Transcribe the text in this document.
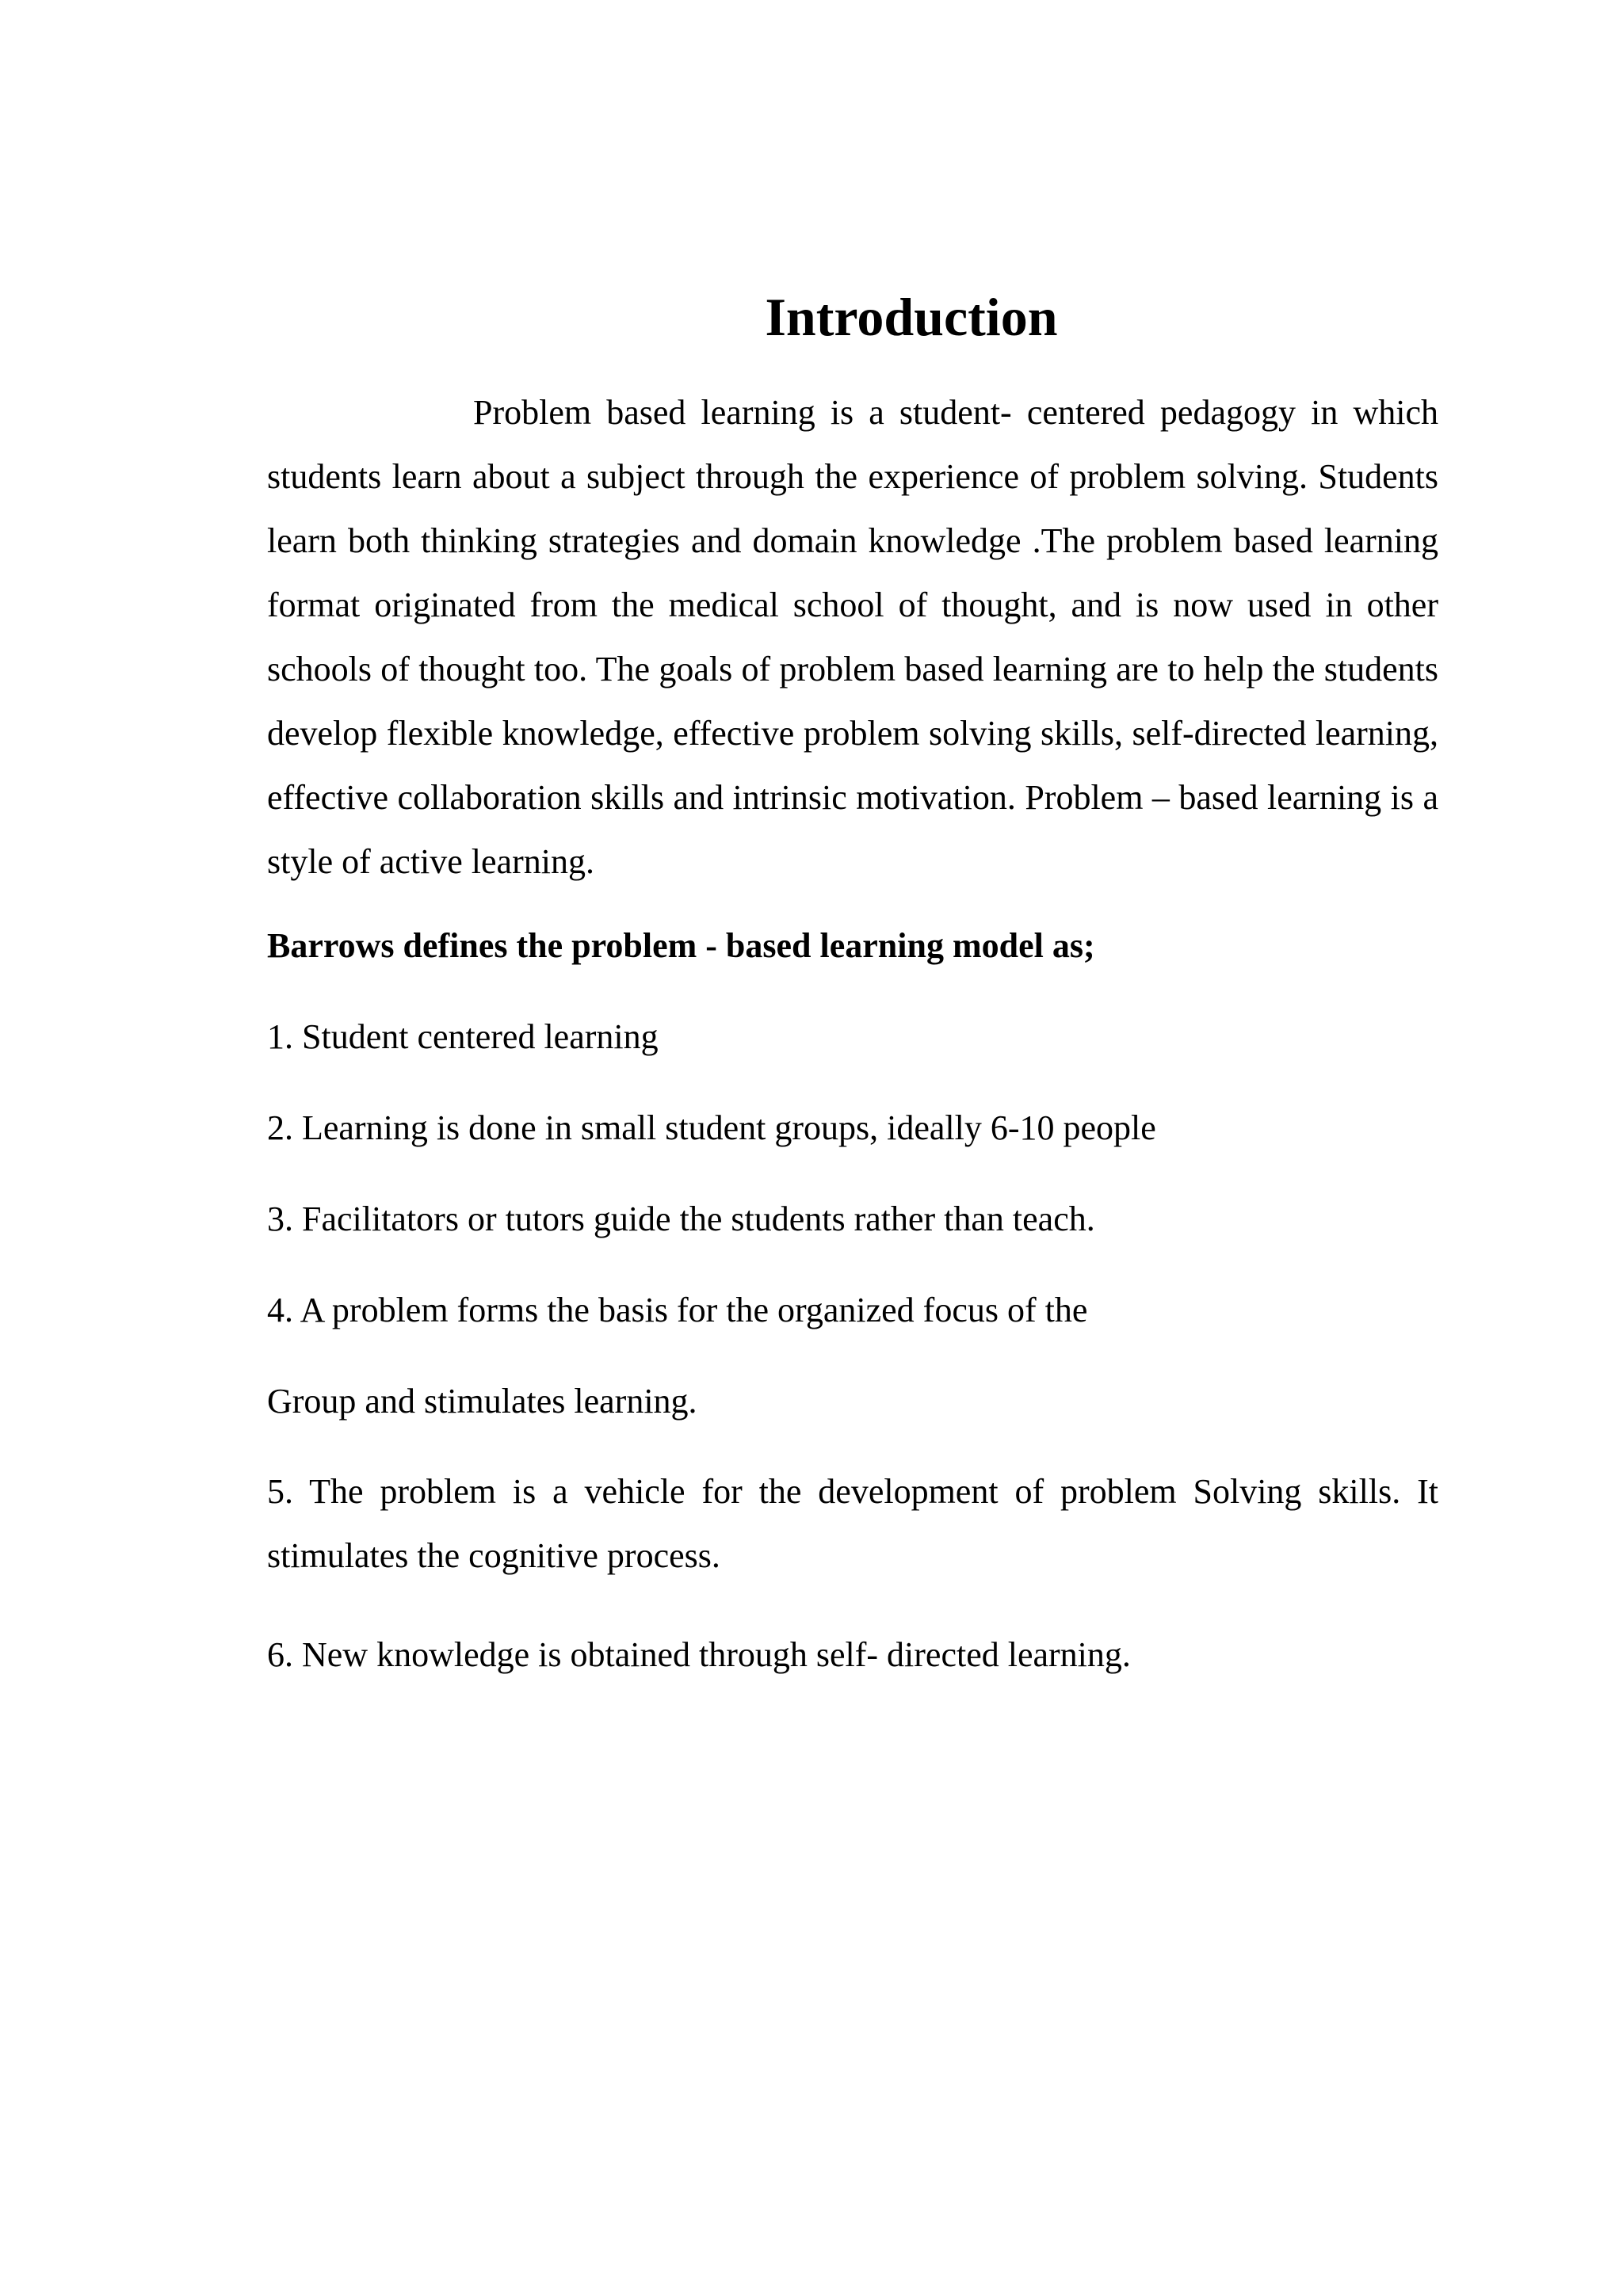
Introduction

Problem based learning is a student- centered pedagogy in which students learn about a subject through the experience of problem solving. Students learn both thinking strategies and domain knowledge .The problem based learning format originated from the medical school of thought, and is now used in other schools of thought too. The goals of problem based learning are to help the students develop flexible knowledge, effective problem solving skills, self-directed learning, effective collaboration skills and intrinsic motivation. Problem – based learning is a style of active learning.

Barrows defines the problem - based learning model as;

1. Student centered learning

2. Learning is done in small student groups, ideally 6-10 people

3. Facilitators or tutors guide the students rather than teach.

4. A problem forms the basis for the organized focus of the

Group and stimulates learning.

5. The problem is a vehicle for the development of problem Solving skills. It stimulates the cognitive process.

6. New knowledge is obtained through self- directed learning.
